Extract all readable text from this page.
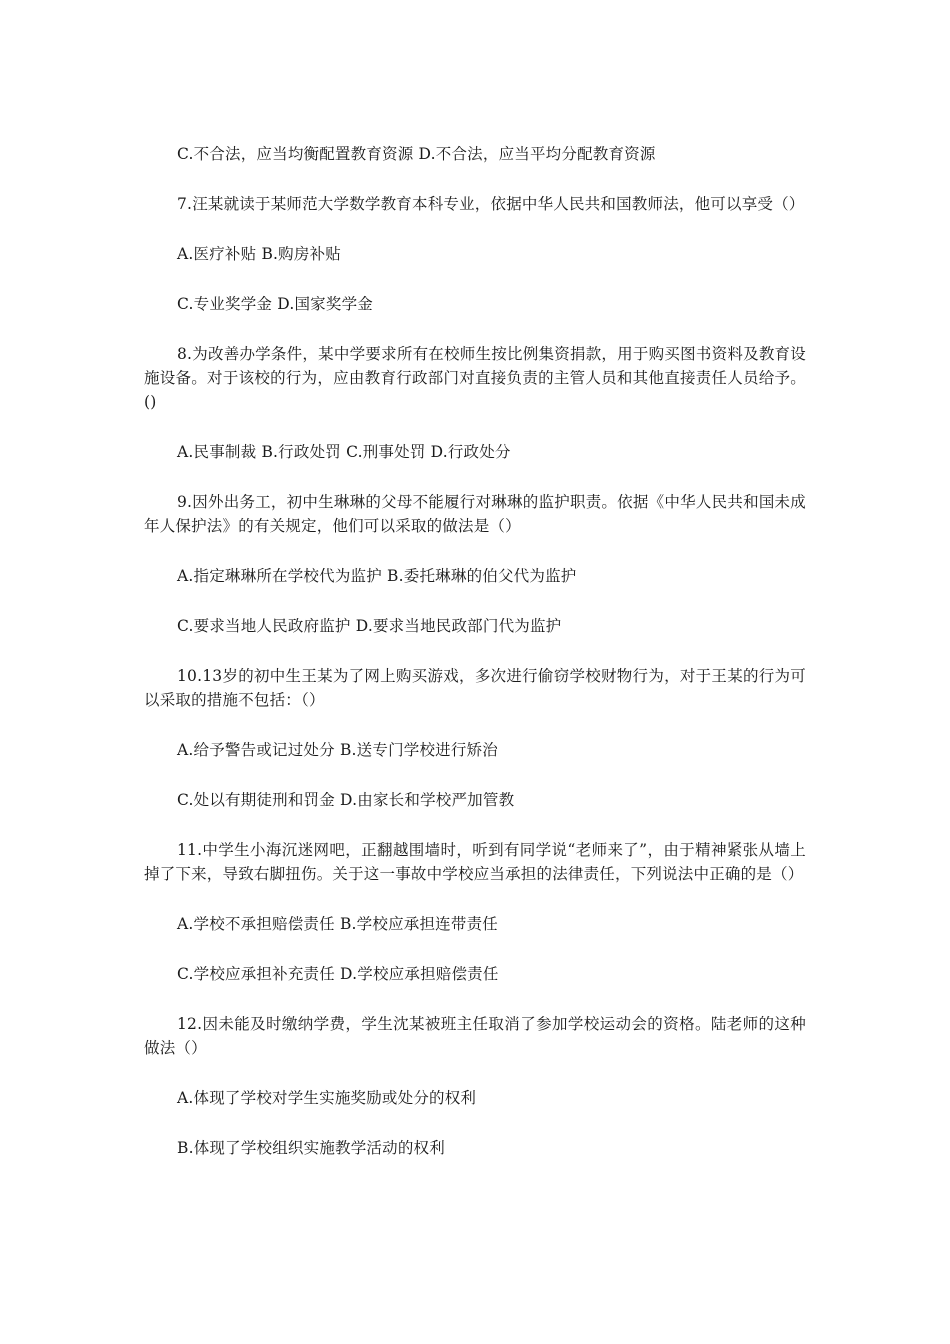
C.不合法，应当均衡配置教育资源 D.不合法，应当平均分配教育资源

7.汪某就读于某师范大学数学教育本科专业，依据中华人民共和国教师法，他可以享受（）

A.医疗补贴 B.购房补贴

C.专业奖学金 D.国家奖学金

8.为改善办学条件，某中学要求所有在校师生按比例集资捐款，用于购买图书资料及教育设施设备。对于该校的行为，应由教育行政部门对直接负责的主管人员和其他直接责任人员给予。()

A.民事制裁 B.行政处罚 C.刑事处罚 D.行政处分

9.因外出务工，初中生琳琳的父母不能履行对琳琳的监护职责。依据《中华人民共和国未成年人保护法》的有关规定，他们可以采取的做法是（）

A.指定琳琳所在学校代为监护 B.委托琳琳的伯父代为监护

C.要求当地人民政府监护 D.要求当地民政部门代为监护

10.13岁的初中生王某为了网上购买游戏，多次进行偷窃学校财物行为，对于王某的行为可以采取的措施不包括：（）

A.给予警告或记过处分 B.送专门学校进行矫治

C.处以有期徒刑和罚金 D.由家长和学校严加管教

11.中学生小海沉迷网吧，正翻越围墙时，听到有同学说“老师来了”，由于精神紧张从墙上掉了下来，导致右脚扭伤。关于这一事故中学校应当承担的法律责任，下列说法中正确的是（）

A.学校不承担赔偿责任 B.学校应承担连带责任

C.学校应承担补充责任 D.学校应承担赔偿责任

12.因未能及时缴纳学费，学生沈某被班主任取消了参加学校运动会的资格。陆老师的这种做法（）

A.体现了学校对学生实施奖励或处分的权利

B.体现了学校组织实施教学活动的权利
